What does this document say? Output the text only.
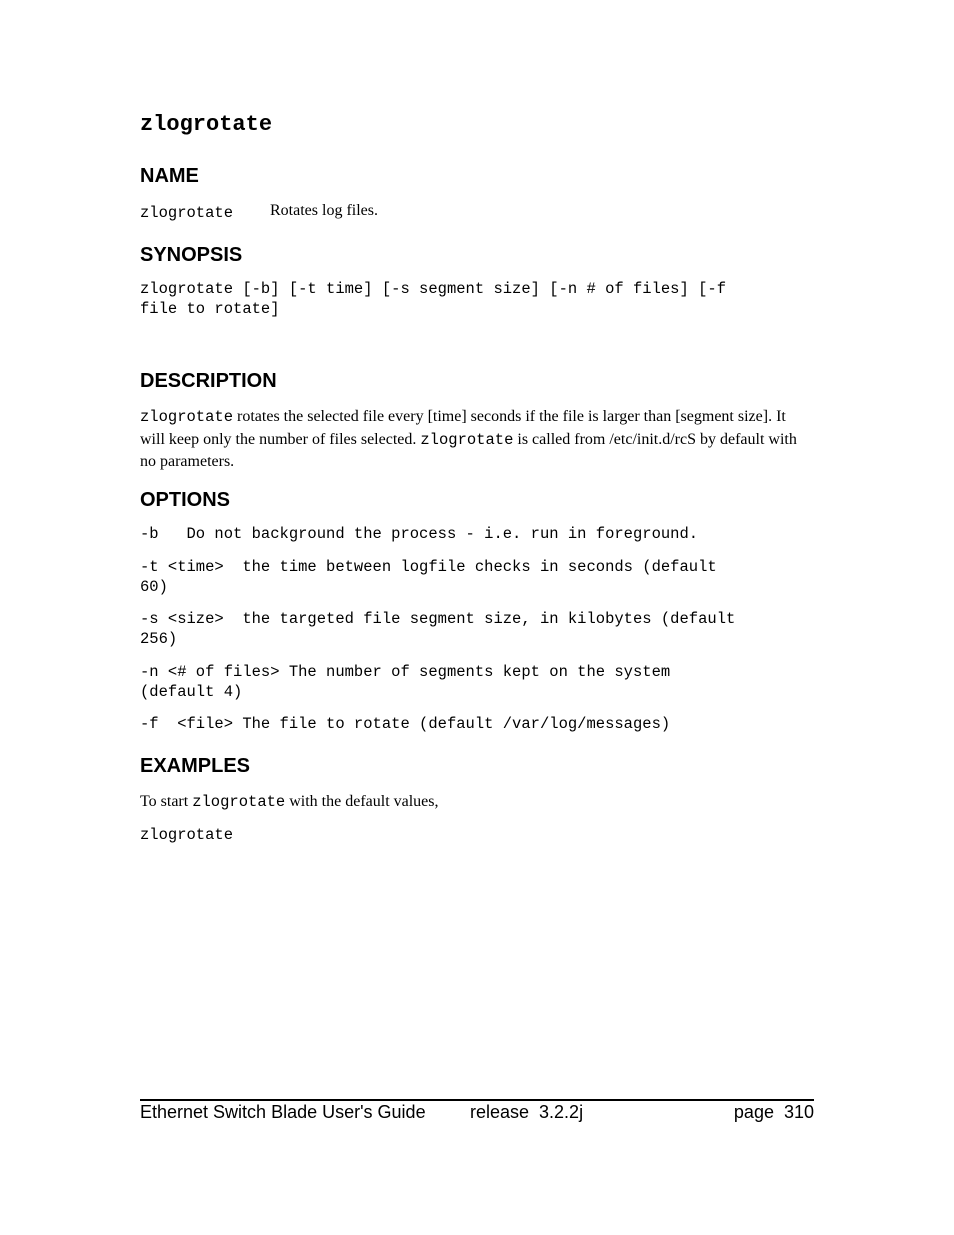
zlogrotate
NAME
zlogrotate Rotates log files.
SYNOPSIS
zlogrotate [-b] [-t time] [-s segment size] [-n # of files] [-f
file to rotate]
DESCRIPTION
zlogrotate rotates the selected file every [time] seconds if the file is larger than [segment size]. It will keep only the number of files selected. zlogrotate is called from /etc/init.d/rcS by default with no parameters.
OPTIONS
-b   Do not background the process - i.e. run in foreground.
-t <time>  the time between logfile checks in seconds (default
60)
-s <size>  the targeted file segment size, in kilobytes (default
256)
-n <# of files> The number of segments kept on the system
(default 4)
-f  <file> The file to rotate (default /var/log/messages)
EXAMPLES
To start zlogrotate with the default values,
zlogrotate
Ethernet Switch Blade User's Guide release  3.2.2j	page  310
